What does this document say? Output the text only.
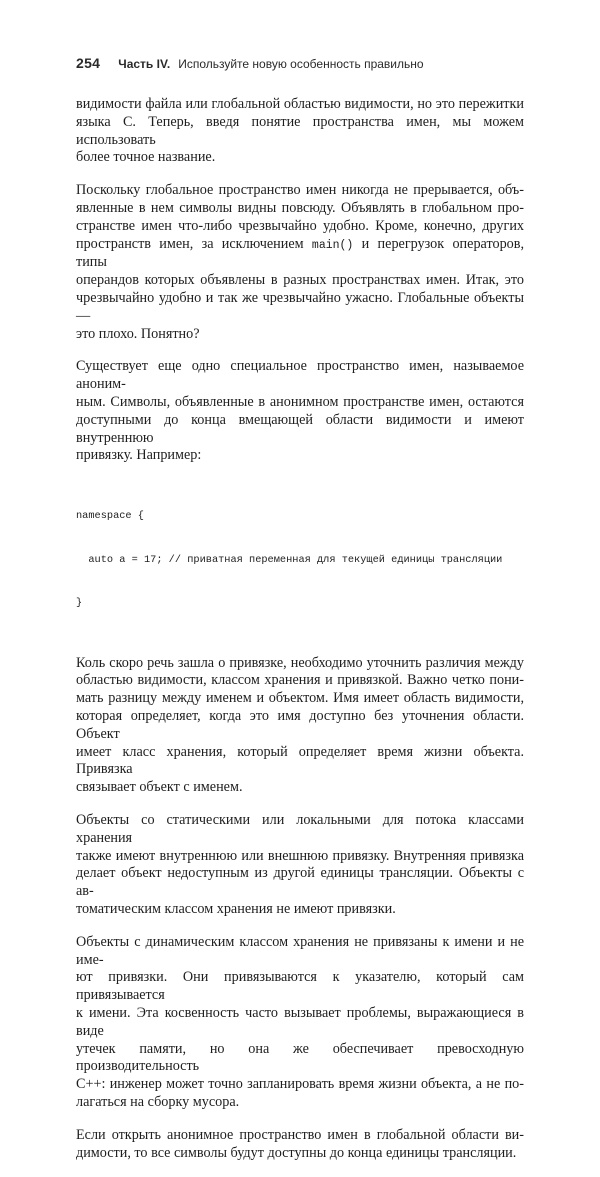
254 Часть IV. Используйте новую особенность правильно

видимости файла или глобальной областью видимости, но это пережитки
языка C. Теперь, введя понятие пространства имен, мы можем использовать
более точное название.

Поскольку глобальное пространство имен никогда не прерывается, объ-
явленные в нем символы видны повсюду. Объявлять в глобальном про-
странстве имен что-либо чрезвычайно удобно. Кроме, конечно, других
пространств имен, за исключением main() и перегрузок операторов, типы
операндов которых объявлены в разных пространствах имен. Итак, это
чрезвычайно удобно и так же чрезвычайно ужасно. Глобальные объекты —
это плохо. Понятно?

Существует еще одно специальное пространство имен, называемое аноним-
ным. Символы, объявленные в анонимном пространстве имен, остаются
доступными до конца вмещающей области видимости и имеют внутреннюю
привязку. Например:

namespace {

auto a = 17; // приватная переменная для текущей единицы трансляции

}

Коль скоро речь зашла о привязке, необходимо уточнить различия между
областью видимости, классом хранения и привязкой. Важно четко пони-
мать разницу между именем и объектом. Имя имеет область видимости,
которая определяет, когда это имя доступно без уточнения области. Объект
имеет класс хранения, который определяет время жизни объекта. Привязка
связывает объект с именем.

Объекты со статическими или локальными для потока классами хранения
также имеют внутреннюю или внешнюю привязку. Внутренняя привязка
делает объект недоступным из другой единицы трансляции. Объекты с ав-
томатическим классом хранения не имеют привязки.

Объекты с динамическим классом хранения не привязаны к имени и не име-
ют привязки. Они привязываются к указателю, который сам привязывается
к имени. Эта косвенность часто вызывает проблемы, выражающиеся в виде
утечек памяти, но она же обеспечивает превосходную производительность
C++: инженер может точно запланировать время жизни объекта, а не по-
лагаться на сборку мусора.

Если открыть анонимное пространство имен в глобальной области ви-
димости, то все символы будут доступны до конца единицы трансляции.
